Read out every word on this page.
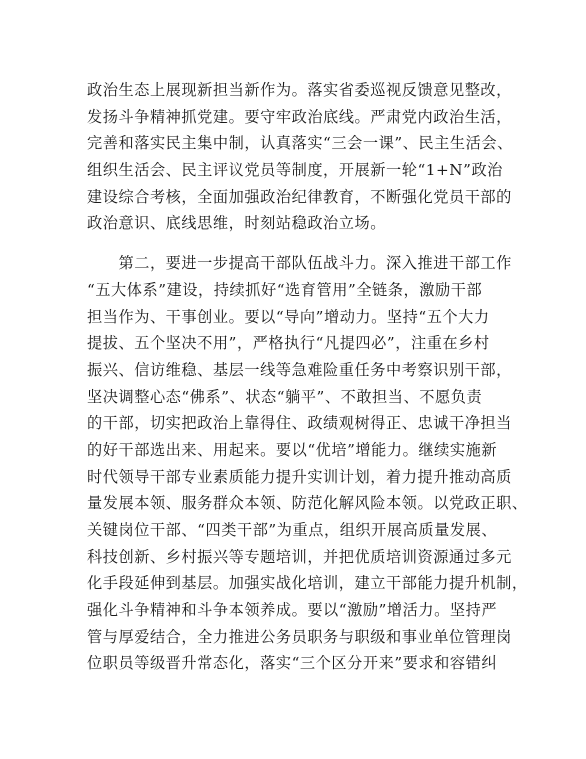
政治生态上展现新担当新作为。落实省委巡视反馈意见整改，
发扬斗争精神抓党建。要守牢政治底线。严肃党内政治生活，
完善和落实民主集中制，认真落实“三会一课”、民主生活会、
组织生活会、民主评议党员等制度，开展新一轮“1+N”政治
建设综合考核，全面加强政治纪律教育，不断强化党员干部的
政治意识、底线思维，时刻站稳政治立场。
　　第二，要进一步提高干部队伍战斗力。深入推进干部工作
“五大体系”建设，持续抓好“选育管用”全链条，激励干部
担当作为、干事创业。要以“导向”增动力。坚持“五个大力
提拔、五个坚决不用”，严格执行“凡提四必”，注重在乡村
振兴、信访维稳、基层一线等急难险重任务中考察识别干部，
坚决调整心态“佛系”、状态“躺平”、不敢担当、不愿负责
的干部，切实把政治上靠得住、政绩观树得正、忠诚干净担当
的好干部选出来、用起来。要以“优培”增能力。继续实施新
时代领导干部专业素质能力提升实训计划，着力提升推动高质
量发展本领、服务群众本领、防范化解风险本领。以党政正职、
关键岗位干部、“四类干部”为重点，组织开展高质量发展、
科技创新、乡村振兴等专题培训，并把优质培训资源通过多元
化手段延伸到基层。加强实战化培训，建立干部能力提升机制，
强化斗争精神和斗争本领养成。要以“激励”增活力。坚持严
管与厚爱结合，全力推进公务员职务与职级和事业单位管理岗
位职员等级晋升常态化，落实“三个区分开来”要求和容错纠
